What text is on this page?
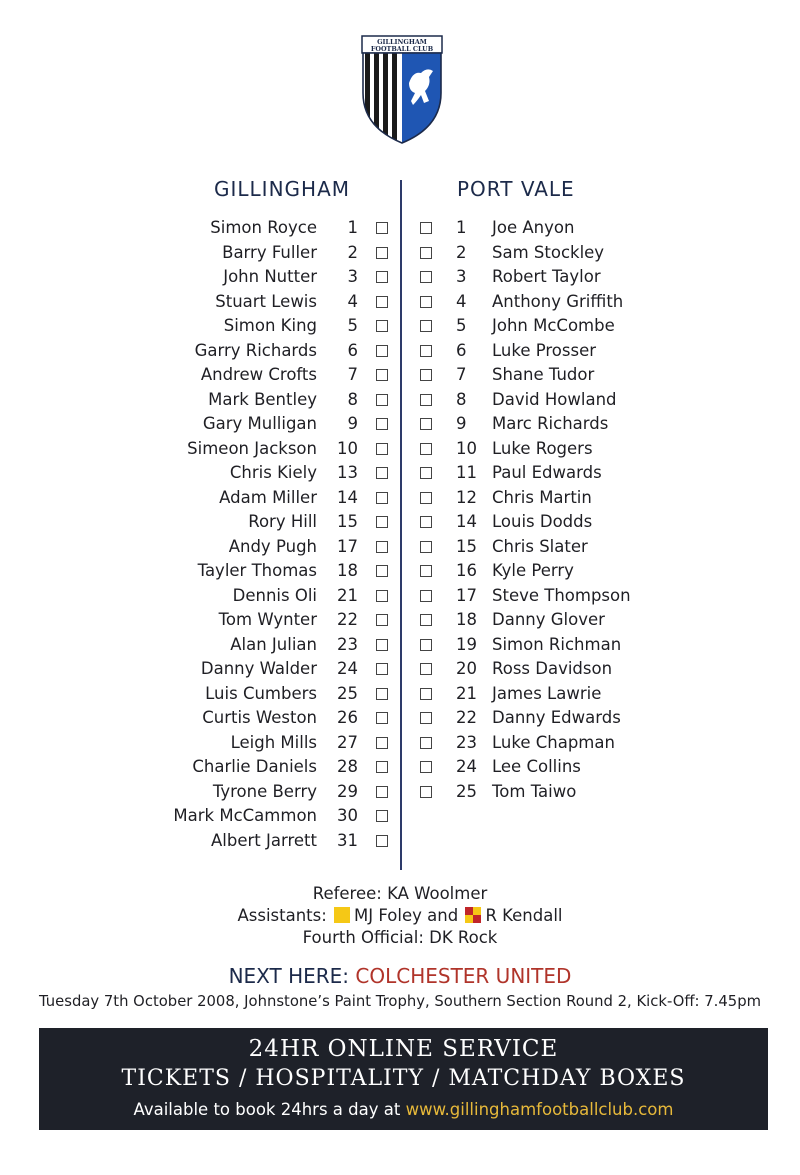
GILLINGHAM
FOOTBALL CLUB
GILLINGHAM	PORT VALE
Simon Royce	1
Barry Fuller	2
John Nutter	3
Stuart Lewis	4
Simon King	5
Garry Richards	6
Andrew Crofts	7
Mark Bentley	8
Gary Mulligan	9
Simeon Jackson	10
Chris Kiely	13
Adam Miller	14
Rory Hill	15
Andy Pugh	17
Tayler Thomas	18
Dennis Oli	21
Tom Wynter	22
Alan Julian	23
Danny Walder	24
Luis Cumbers	25
Curtis Weston	26
Leigh Mills	27
Charlie Daniels	28
Tyrone Berry	29
Mark McCammon	30
Albert Jarrett	31
1	Joe Anyon
2	Sam Stockley
3	Robert Taylor
4	Anthony Griffith
5	John McCombe
6	Luke Prosser
7	Shane Tudor
8	David Howland
9	Marc Richards
10 Luke Rogers
11 Paul Edwards
12 Chris Martin
14 Louis Dodds
15 Chris Slater
16 Kyle Perry
17 Steve Thompson
18 Danny Glover
19 Simon Richman
20 Ross Davidson
21 James Lawrie
22 Danny Edwards
23 Luke Chapman
24 Lee Collins
25 Tom Taiwo
Referee: KA Woolmer
Assistants: MJ Foley and R Kendall
Fourth Official: DK Rock
NEXT HERE: COLCHESTER UNITED
Tuesday 7th October 2008, Johnstone’s Paint Trophy, Southern Section Round 2, Kick-Off: 7.45pm
24HR ONLINE SERVICE
TICKETS / HOSPITALITY / MATCHDAY BOXES
Available to book 24hrs a day at www.gillinghamfootballclub.com
